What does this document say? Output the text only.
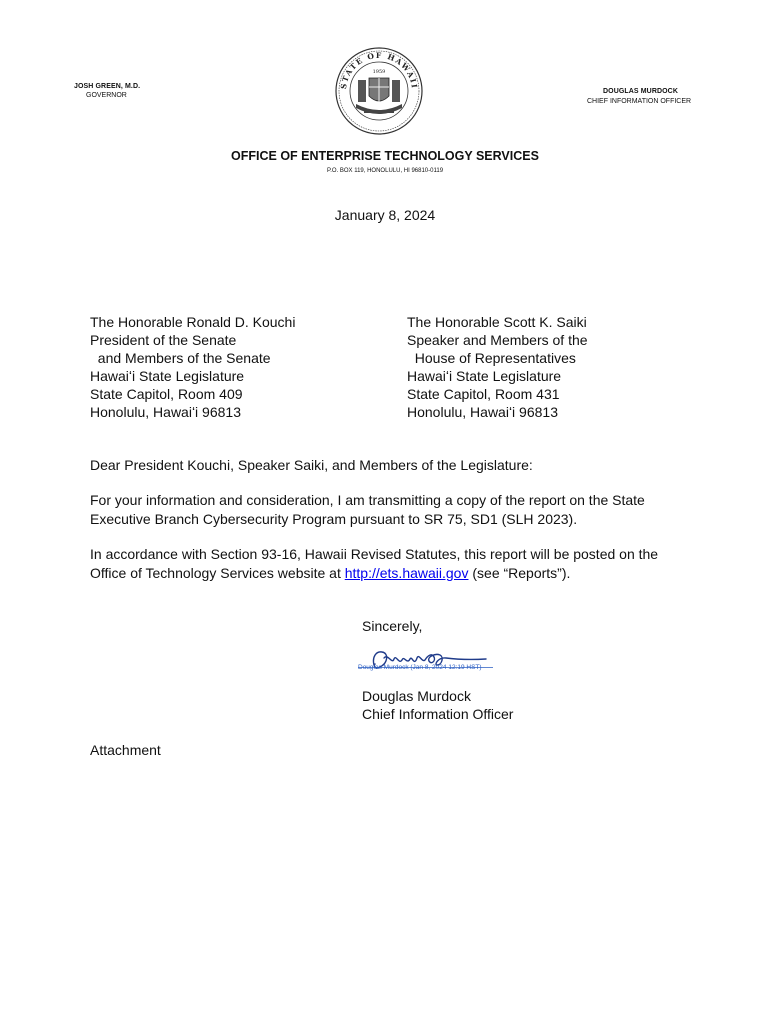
JOSH GREEN, M.D.
GOVERNOR
STATE OF HAWAII
1959
DOUGLAS MURDOCK
CHIEF INFORMATION OFFICER
OFFICE OF ENTERPRISE TECHNOLOGY SERVICES
P.O. BOX 119, HONOLULU, HI 96810-0119
January 8, 2024
The Honorable Ronald D. Kouchi
President of the Senate
and Members of the Senate
Hawaiʻi State Legislature
State Capitol, Room 409
Honolulu, Hawaiʻi 96813
The Honorable Scott K. Saiki
Speaker and Members of the
House of Representatives
Hawaiʻi State Legislature
State Capitol, Room 431
Honolulu, Hawaiʻi 96813
Dear President Kouchi, Speaker Saiki, and Members of the Legislature:
For your information and consideration, I am transmitting a copy of the report on the State Executive Branch Cybersecurity Program pursuant to SR 75, SD1 (SLH 2023).
In accordance with Section 93-16, Hawaii Revised Statutes, this report will be posted on the Office of Technology Services website at http://ets.hawaii.gov (see “Reports”).
Sincerely,
Douglas Murdock (Jan 8, 2024 12:19 HST)
Douglas Murdock
Chief Information Officer
Attachment
